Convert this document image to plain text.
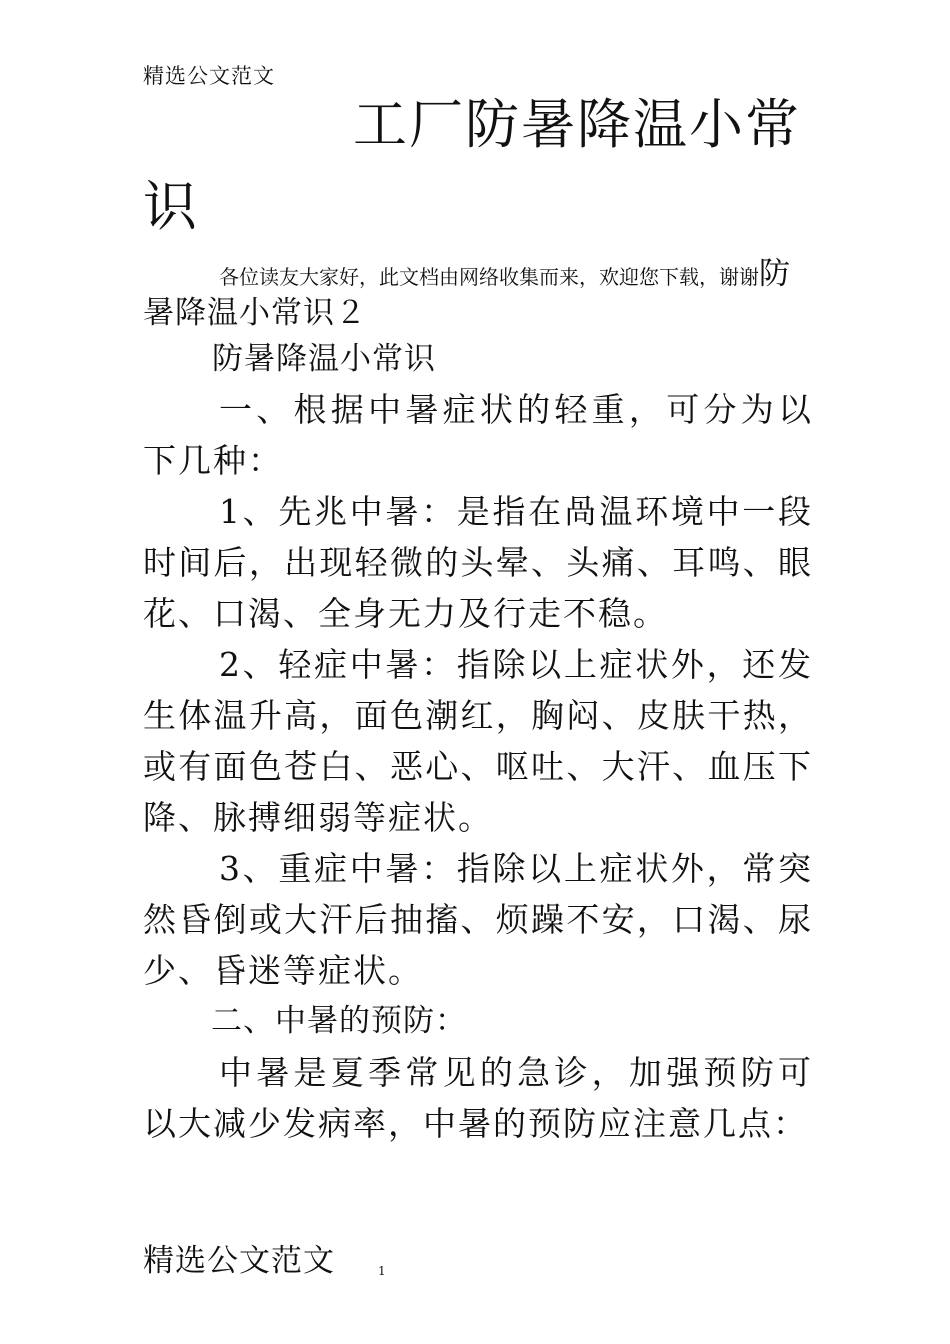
精选公文范文
工厂防暑降温小常识
各位读友大家好，此文档由网络收集而来，欢迎您下载，谢谢防暑降温小常识２
防暑降温小常识

一、根据中暑症状的轻重，可分为以下几种：

1、先兆中暑：是指在咼温环境中一段时间后，出现轻微的头晕、头痛、耳鸣、眼花、口渴、全身无力及行走不稳。

2、轻症中暑：指除以上症状外，还发生体温升高，面色潮红，胸闷、皮肤干热，或有面色苍白、恶心、呕吐、大汗、血压下降、脉搏细弱等症状。

3、重症中暑：指除以上症状外，常突然昏倒或大汗后抽搐、烦躁不安，口渴、尿少、昏迷等症状。

二、中暑的预防：

中暑是夏季常见的急诊，加强预防可以大减少发病率，中暑的预防应注意几点：

精选公文范文	1
